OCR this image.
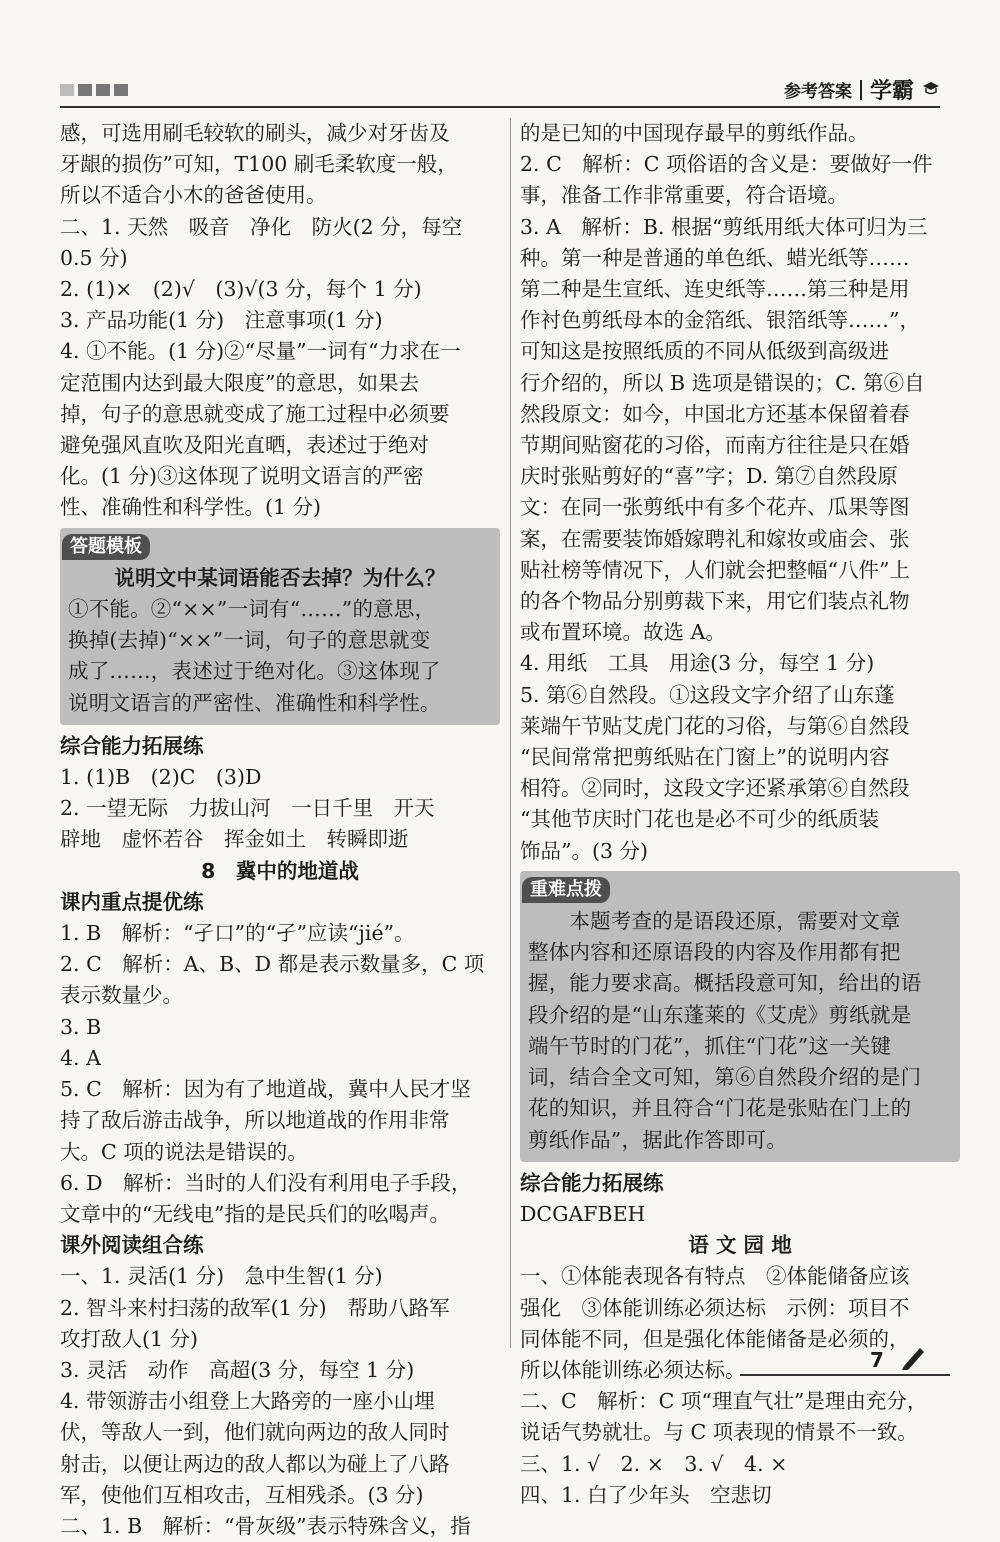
参考答案 学霸
感，可选用刷毛较软的刷头，减少对牙齿及
牙龈的损伤”可知，T100 刷毛柔软度一般，
所以不适合小木的爸爸使用。
二、1. 天然　吸音　净化　防火(2 分，每空
0.5 分)
2. (1)×　(2)√　(3)√(3 分，每个 1 分)
3. 产品功能(1 分)　注意事项(1 分)
4. ①不能。(1 分)②“尽量”一词有“力求在一
定范围内达到最大限度”的意思，如果去
掉，句子的意思就变成了施工过程中必须要
避免强风直吹及阳光直晒，表述过于绝对
化。(1 分)③这体现了说明文语言的严密
性、准确性和科学性。(1 分)
答题模板
说明文中某词语能否去掉？为什么？
①不能。②“××”一词有“……”的意思，
换掉(去掉)“××”一词，句子的意思就变
成了……，表述过于绝对化。③这体现了
说明文语言的严密性、准确性和科学性。
综合能力拓展练
1. (1)B　(2)C　(3)D
2. 一望无际　力拔山河　一日千里　开天
辟地　虚怀若谷　挥金如土　转瞬即逝
8　冀中的地道战
课内重点提优练
1. B　解析：“孑口”的“孑”应读“jié”。
2. C　解析：A、B、D 都是表示数量多，C 项
表示数量少。
3. B
4. A
5. C　解析：因为有了地道战，冀中人民才坚
持了敌后游击战争，所以地道战的作用非常
大。C 项的说法是错误的。
6. D　解析：当时的人们没有利用电子手段，
文章中的“无线电”指的是民兵们的吆喝声。
课外阅读组合练
一、1. 灵活(1 分)　急中生智(1 分)
2. 智斗来村扫荡的敌军(1 分)　帮助八路军
攻打敌人(1 分)
3. 灵活　动作　高超(3 分，每空 1 分)
4. 带领游击小组登上大路旁的一座小山埋
伏，等敌人一到，他们就向两边的敌人同时
射击，以便让两边的敌人都以为碰上了八路
军，使他们互相攻击，互相残杀。(3 分)
二、1. B　解析：“骨灰级”表示特殊含义，指
的是已知的中国现存最早的剪纸作品。
2. C　解析：C 项俗语的含义是：要做好一件
事，准备工作非常重要，符合语境。
3. A　解析：B. 根据“剪纸用纸大体可归为三
种。第一种是普通的单色纸、蜡光纸等……
第二种是生宣纸、连史纸等……第三种是用
作衬色剪纸母本的金箔纸、银箔纸等……”，
可知这是按照纸质的不同从低级到高级进
行介绍的，所以 B 选项是错误的；C. 第⑥自
然段原文：如今，中国北方还基本保留着春
节期间贴窗花的习俗，而南方往往是只在婚
庆时张贴剪好的“喜”字；D. 第⑦自然段原
文：在同一张剪纸中有多个花卉、瓜果等图
案，在需要装饰婚嫁聘礼和嫁妆或庙会、张
贴社榜等情况下，人们就会把整幅“八件”上
的各个物品分别剪裁下来，用它们装点礼物
或布置环境。故选 A。
4. 用纸　工具　用途(3 分，每空 1 分)
5. 第⑥自然段。①这段文字介绍了山东蓬
莱端午节贴艾虎门花的习俗，与第⑥自然段
“民间常常把剪纸贴在门窗上”的说明内容
相符。②同时，这段文字还紧承第⑥自然段
“其他节庆时门花也是必不可少的纸质装
饰品”。(3 分)
重难点拨
　　本题考查的是语段还原，需要对文章
整体内容和还原语段的内容及作用都有把
握，能力要求高。概括段意可知，给出的语
段介绍的是“山东蓬莱的《艾虎》剪纸就是
端午节时的门花”，抓住“门花”这一关键
词，结合全文可知，第⑥自然段介绍的是门
花的知识，并且符合“门花是张贴在门上的
剪纸作品”，据此作答即可。
综合能力拓展练
DCGAFBEH
语 文 园 地
一、①体能表现各有特点　②体能储备应该
强化　③体能训练必须达标　示例：项目不
同体能不同，但是强化体能储备是必须的，
所以体能训练必须达标。
二、C　解析：C 项“理直气壮”是理由充分，
说话气势就壮。与 C 项表现的情景不一致。
三、1. √　2. ×　3. √　4. ×
四、1. 白了少年头　空悲切
7
